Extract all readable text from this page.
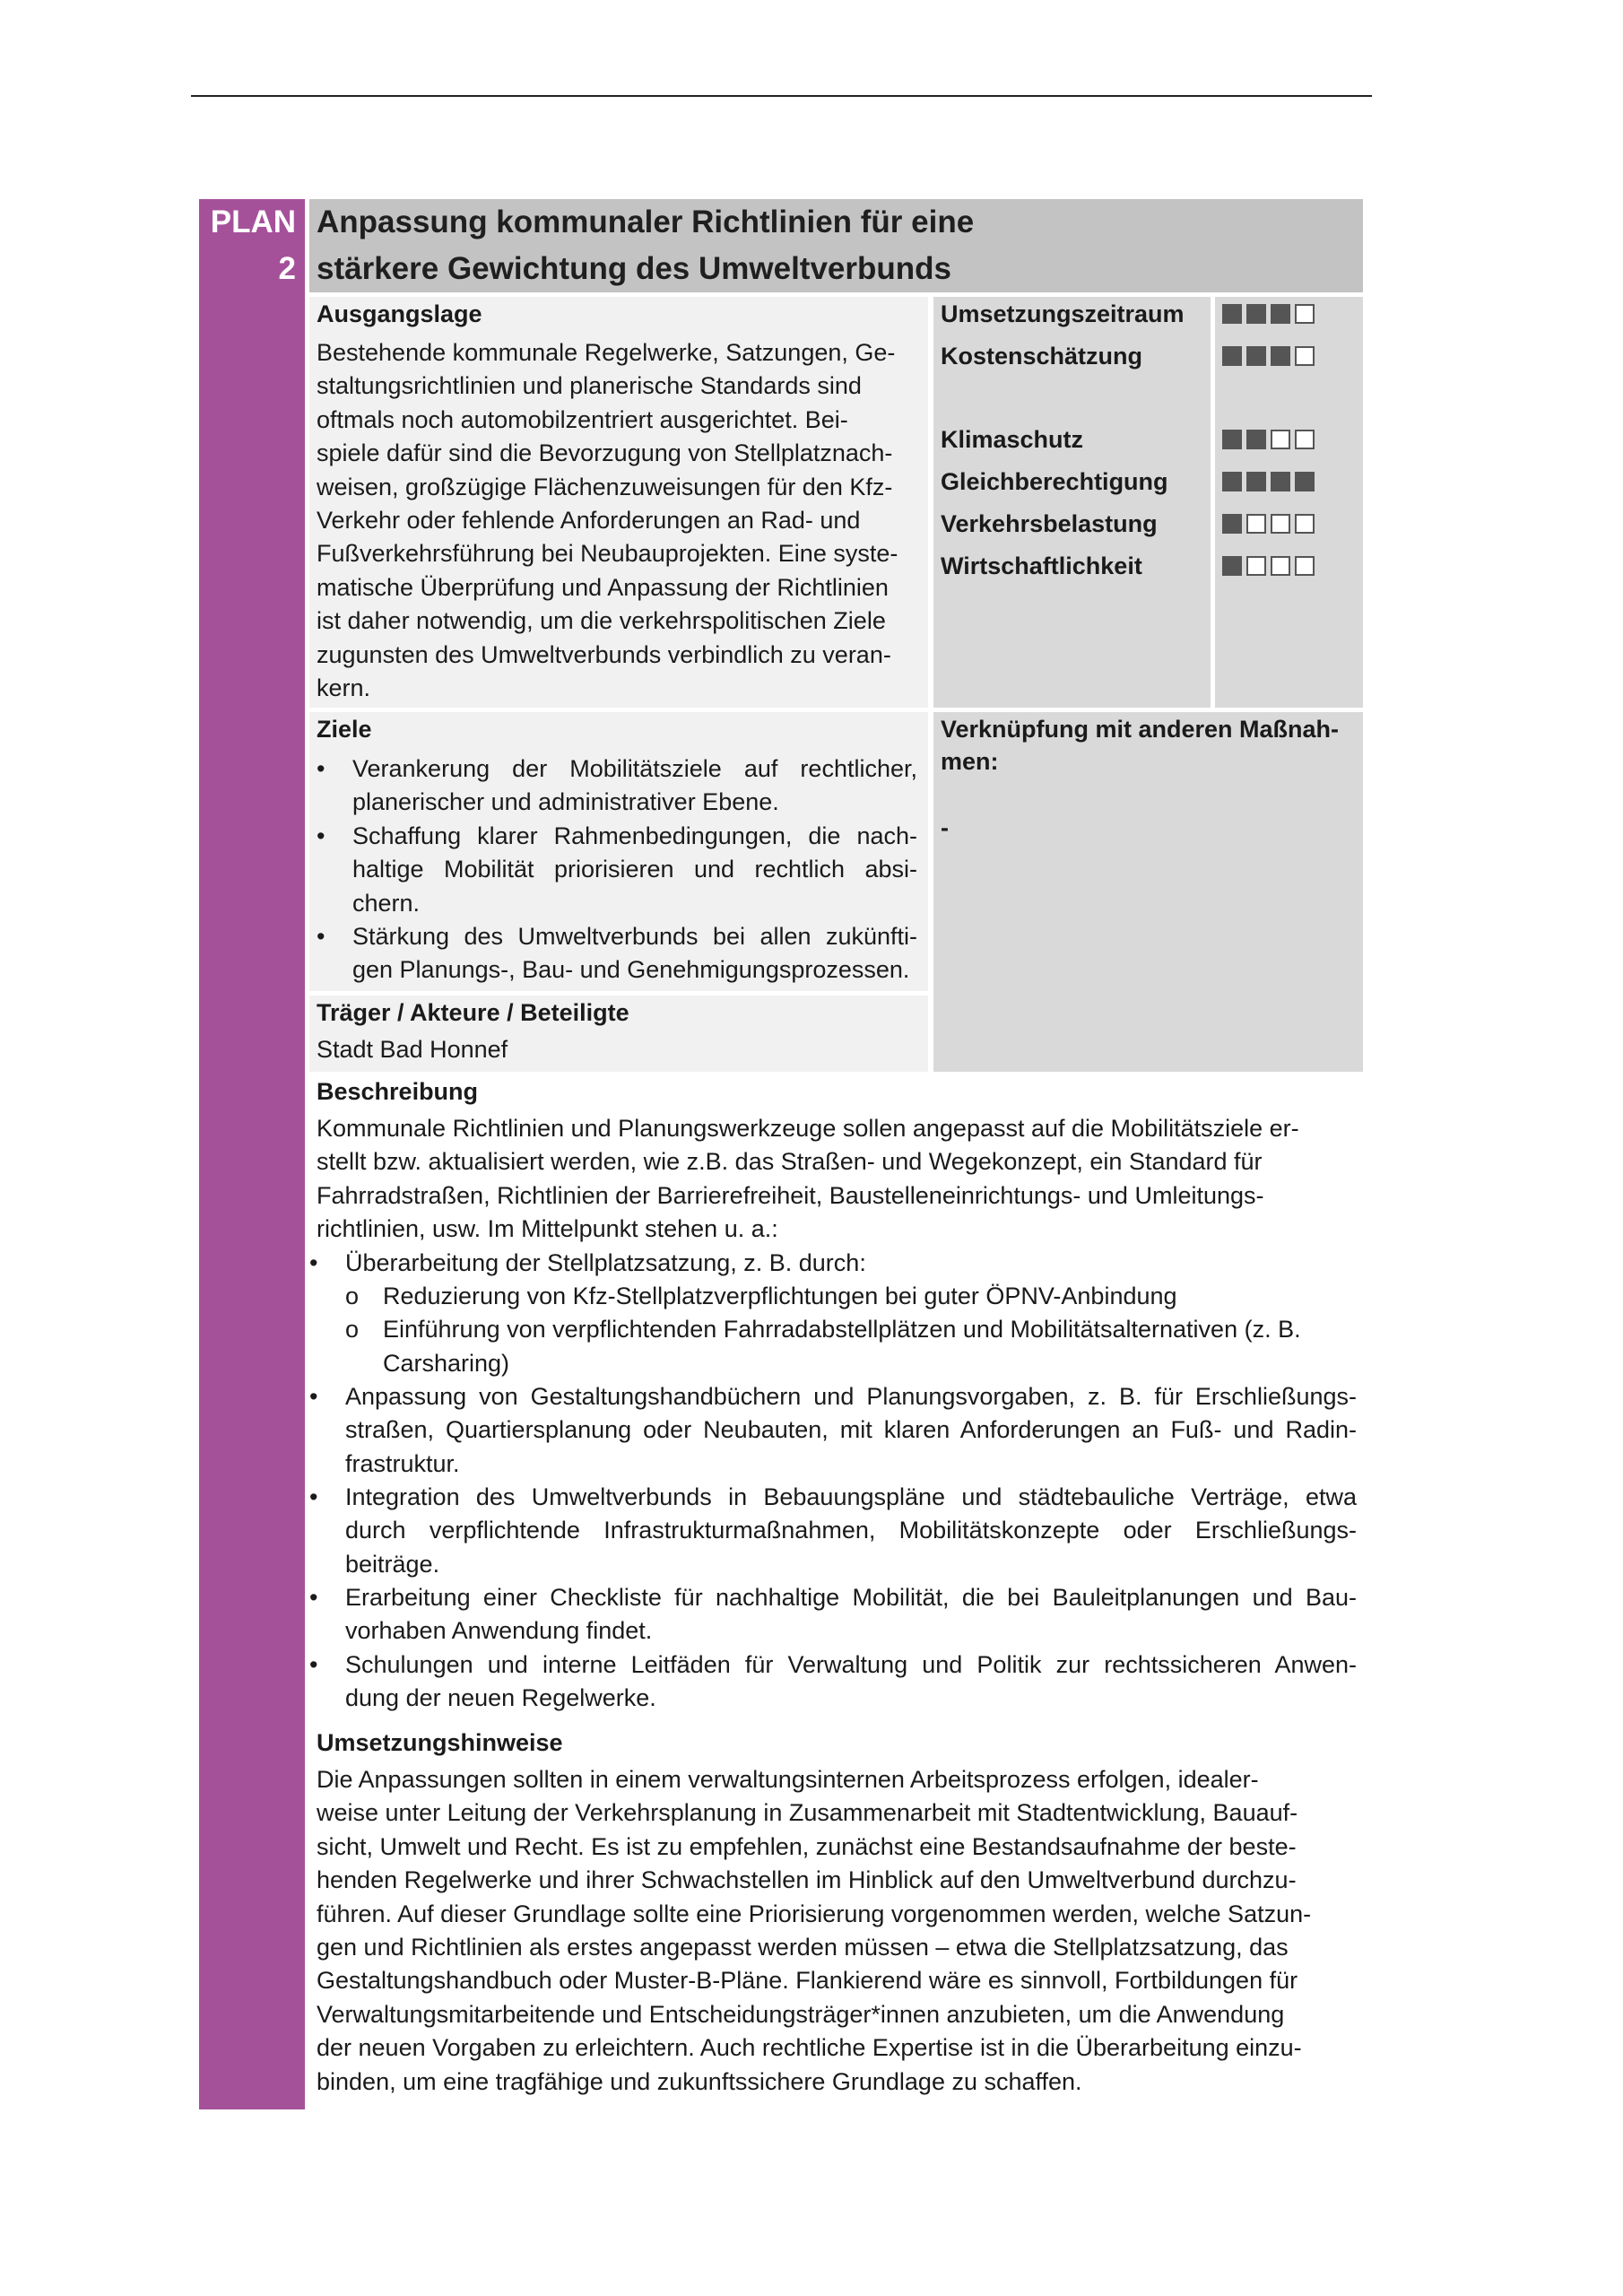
PLAN
2
Anpassung kommunaler Richtlinien für eine
stärkere Gewichtung des Umweltverbunds
Ausgangslage
Bestehende kommunale Regelwerke, Satzungen, Ge-
staltungsrichtlinien und planerische Standards sind
oftmals noch automobilzentriert ausgerichtet. Bei-
spiele dafür sind die Bevorzugung von Stellplatznach-
weisen, großzügige Flächenzuweisungen für den Kfz-
Verkehr oder fehlende Anforderungen an Rad- und
Fußverkehrsführung bei Neubauprojekten. Eine syste-
matische Überprüfung und Anpassung der Richtlinien
ist daher notwendig, um die verkehrspolitischen Ziele
zugunsten des Umweltverbunds verbindlich zu veran-
kern.
Umsetzungszeitraum
Kostenschätzung
Klimaschutz
Gleichberechtigung
Verkehrsbelastung
Wirtschaftlichkeit
Ziele
• Verankerung der Mobilitätsziele auf rechtlicher,
planerischer und administrativer Ebene.
• Schaffung klarer Rahmenbedingungen, die nach-
haltige Mobilität priorisieren und rechtlich absi-
chern.
• Stärkung des Umweltverbunds bei allen zukünfti-
gen Planungs-, Bau- und Genehmigungsprozessen.
Verknüpfung mit anderen Maßnah-
men:
-
Träger / Akteure / Beteiligte
Stadt Bad Honnef
Beschreibung
Kommunale Richtlinien und Planungswerkzeuge sollen angepasst auf die Mobilitätsziele er-
stellt bzw. aktualisiert werden, wie z.B. das Straßen- und Wegekonzept, ein Standard für
Fahrradstraßen, Richtlinien der Barrierefreiheit, Baustelleneinrichtungs- und Umleitungs-
richtlinien, usw. Im Mittelpunkt stehen u. a.:
• Überarbeitung der Stellplatzsatzung, z. B. durch:
o Reduzierung von Kfz-Stellplatzverpflichtungen bei guter ÖPNV-Anbindung
o Einführung von verpflichtenden Fahrradabstellplätzen und Mobilitätsalternativen (z. B.
Carsharing)
• Anpassung von Gestaltungshandbüchern und Planungsvorgaben, z. B. für Erschließungs-
straßen, Quartiersplanung oder Neubauten, mit klaren Anforderungen an Fuß- und Radin-
frastruktur.
• Integration des Umweltverbunds in Bebauungspläne und städtebauliche Verträge, etwa
durch verpflichtende Infrastrukturmaßnahmen, Mobilitätskonzepte oder Erschließungs-
beiträge.
• Erarbeitung einer Checkliste für nachhaltige Mobilität, die bei Bauleitplanungen und Bau-
vorhaben Anwendung findet.
• Schulungen und interne Leitfäden für Verwaltung und Politik zur rechtssicheren Anwen-
dung der neuen Regelwerke.
Umsetzungshinweise
Die Anpassungen sollten in einem verwaltungsinternen Arbeitsprozess erfolgen, idealer-
weise unter Leitung der Verkehrsplanung in Zusammenarbeit mit Stadtentwicklung, Bauauf-
sicht, Umwelt und Recht. Es ist zu empfehlen, zunächst eine Bestandsaufnahme der beste-
henden Regelwerke und ihrer Schwachstellen im Hinblick auf den Umweltverbund durchzu-
führen. Auf dieser Grundlage sollte eine Priorisierung vorgenommen werden, welche Satzun-
gen und Richtlinien als erstes angepasst werden müssen – etwa die Stellplatzsatzung, das
Gestaltungshandbuch oder Muster-B-Pläne. Flankierend wäre es sinnvoll, Fortbildungen für
Verwaltungsmitarbeitende und Entscheidungsträger*innen anzubieten, um die Anwendung
der neuen Vorgaben zu erleichtern. Auch rechtliche Expertise ist in die Überarbeitung einzu-
binden, um eine tragfähige und zukunftssichere Grundlage zu schaffen.
